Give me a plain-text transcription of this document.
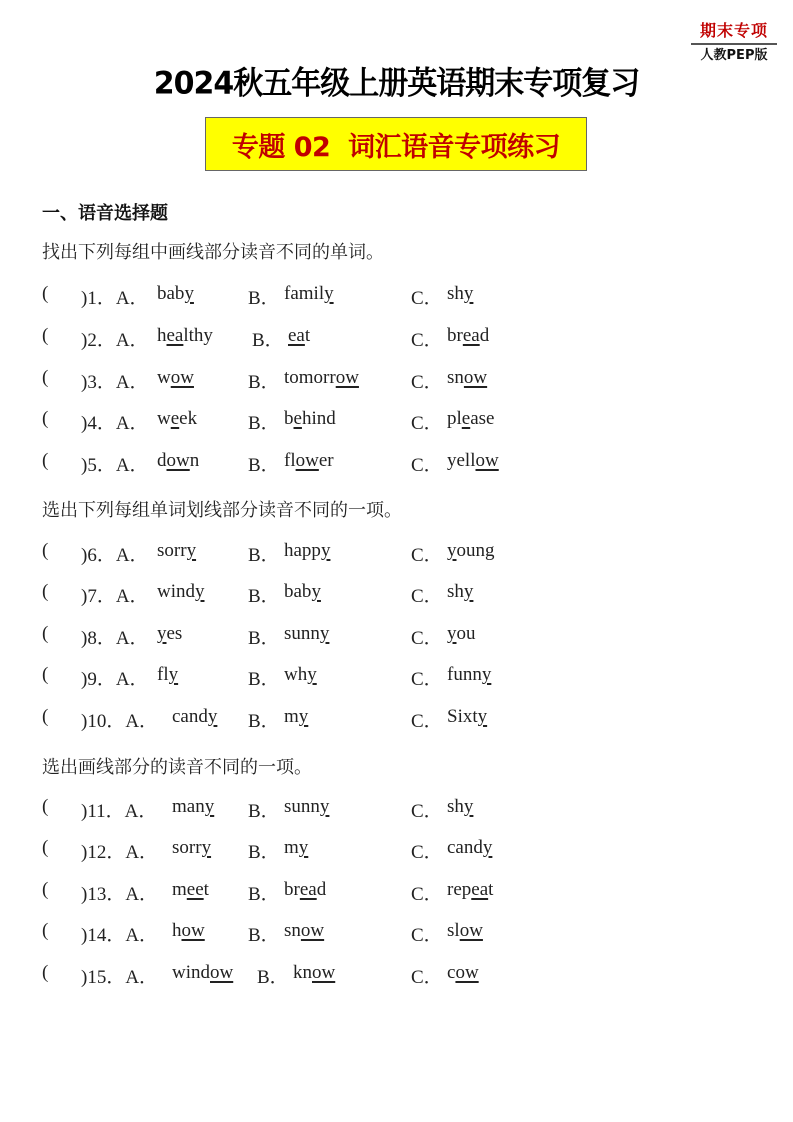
期末专项
人教PEP版
2024秋五年级上册英语期末专项复习
专题 02  词汇语音专项练习
一、语音选择题
找出下列每组中画线部分读音不同的单词。
( )1．A． baby	B． family	C． shy
( )2．A． healthy B． eat	C． bread
( )3．A． wow	B． tomorrow	C． snow
( )4．A． week	B． behind	C． please
( )5．A． down	B． flower	C． yellow
选出下列每组单词划线部分读音不同的一项。
( )6．A． sorry	B． happy	C． young
( )7．A． windy B． baby	C． shy
( )8．A． yes	B． sunny	C． you
( )9．A． fly	B． why	C． funny
( )10．A． candy B． my	C． Sixty
选出画线部分的读音不同的一项。
( )11．A． many B． sunny	C． shy
( )12．A． sorry B． my	C． candy
( )13．A． meet B． bread	C． repeat
( )14．A． how B． snow	C． slow
( )15．A． window B． know	C． cow
